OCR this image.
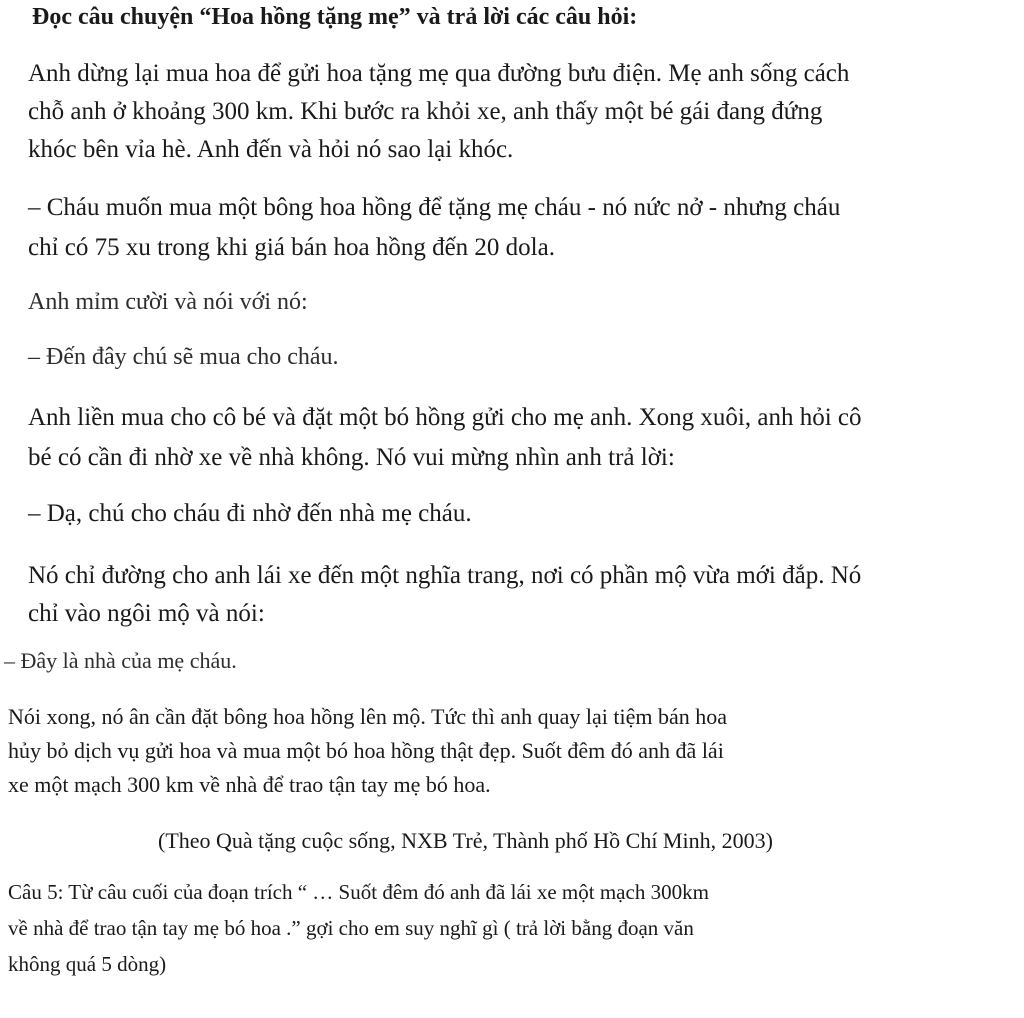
Đọc câu chuyện “Hoa hồng tặng mẹ” và trả lời các câu hỏi:

Anh dừng lại mua hoa để gửi hoa tặng mẹ qua đường bưu điện. Mẹ anh sống cách

chỗ anh ở khoảng 300 km. Khi bước ra khỏi xe, anh thấy một bé gái đang đứng

khóc bên vỉa hè. Anh đến và hỏi nó sao lại khóc.

– Cháu muốn mua một bông hoa hồng để tặng mẹ cháu - nó nức nở - nhưng cháu

chỉ có 75 xu trong khi giá bán hoa hồng đến 20 dola.

Anh mỉm cười và nói với nó:

– Đến đây chú sẽ mua cho cháu.

Anh liền mua cho cô bé và đặt một bó hồng gửi cho mẹ anh. Xong xuôi, anh hỏi cô

bé có cần đi nhờ xe về nhà không. Nó vui mừng nhìn anh trả lời:

– Dạ, chú cho cháu đi nhờ đến nhà mẹ cháu.

Nó chỉ đường cho anh lái xe đến một nghĩa trang, nơi có phần mộ vừa mới đắp. Nó

chỉ vào ngôi mộ và nói:

– Đây là nhà của mẹ cháu.

Nói xong, nó ân cần đặt bông hoa hồng lên mộ. Tức thì anh quay lại tiệm bán hoa

hủy bỏ dịch vụ gửi hoa và mua một bó hoa hồng thật đẹp. Suốt đêm đó anh đã lái

xe một mạch 300 km về nhà để trao tận tay mẹ bó hoa.

(Theo Quà tặng cuộc sống, NXB Trẻ, Thành phố Hồ Chí Minh, 2003)

Câu 5: Từ câu cuối của đoạn trích “ … Suốt đêm đó anh đã lái xe một mạch 300km

về nhà để trao tận tay mẹ bó hoa .” gợi cho em suy nghĩ gì ( trả lời bằng đoạn văn

không quá 5 dòng)
